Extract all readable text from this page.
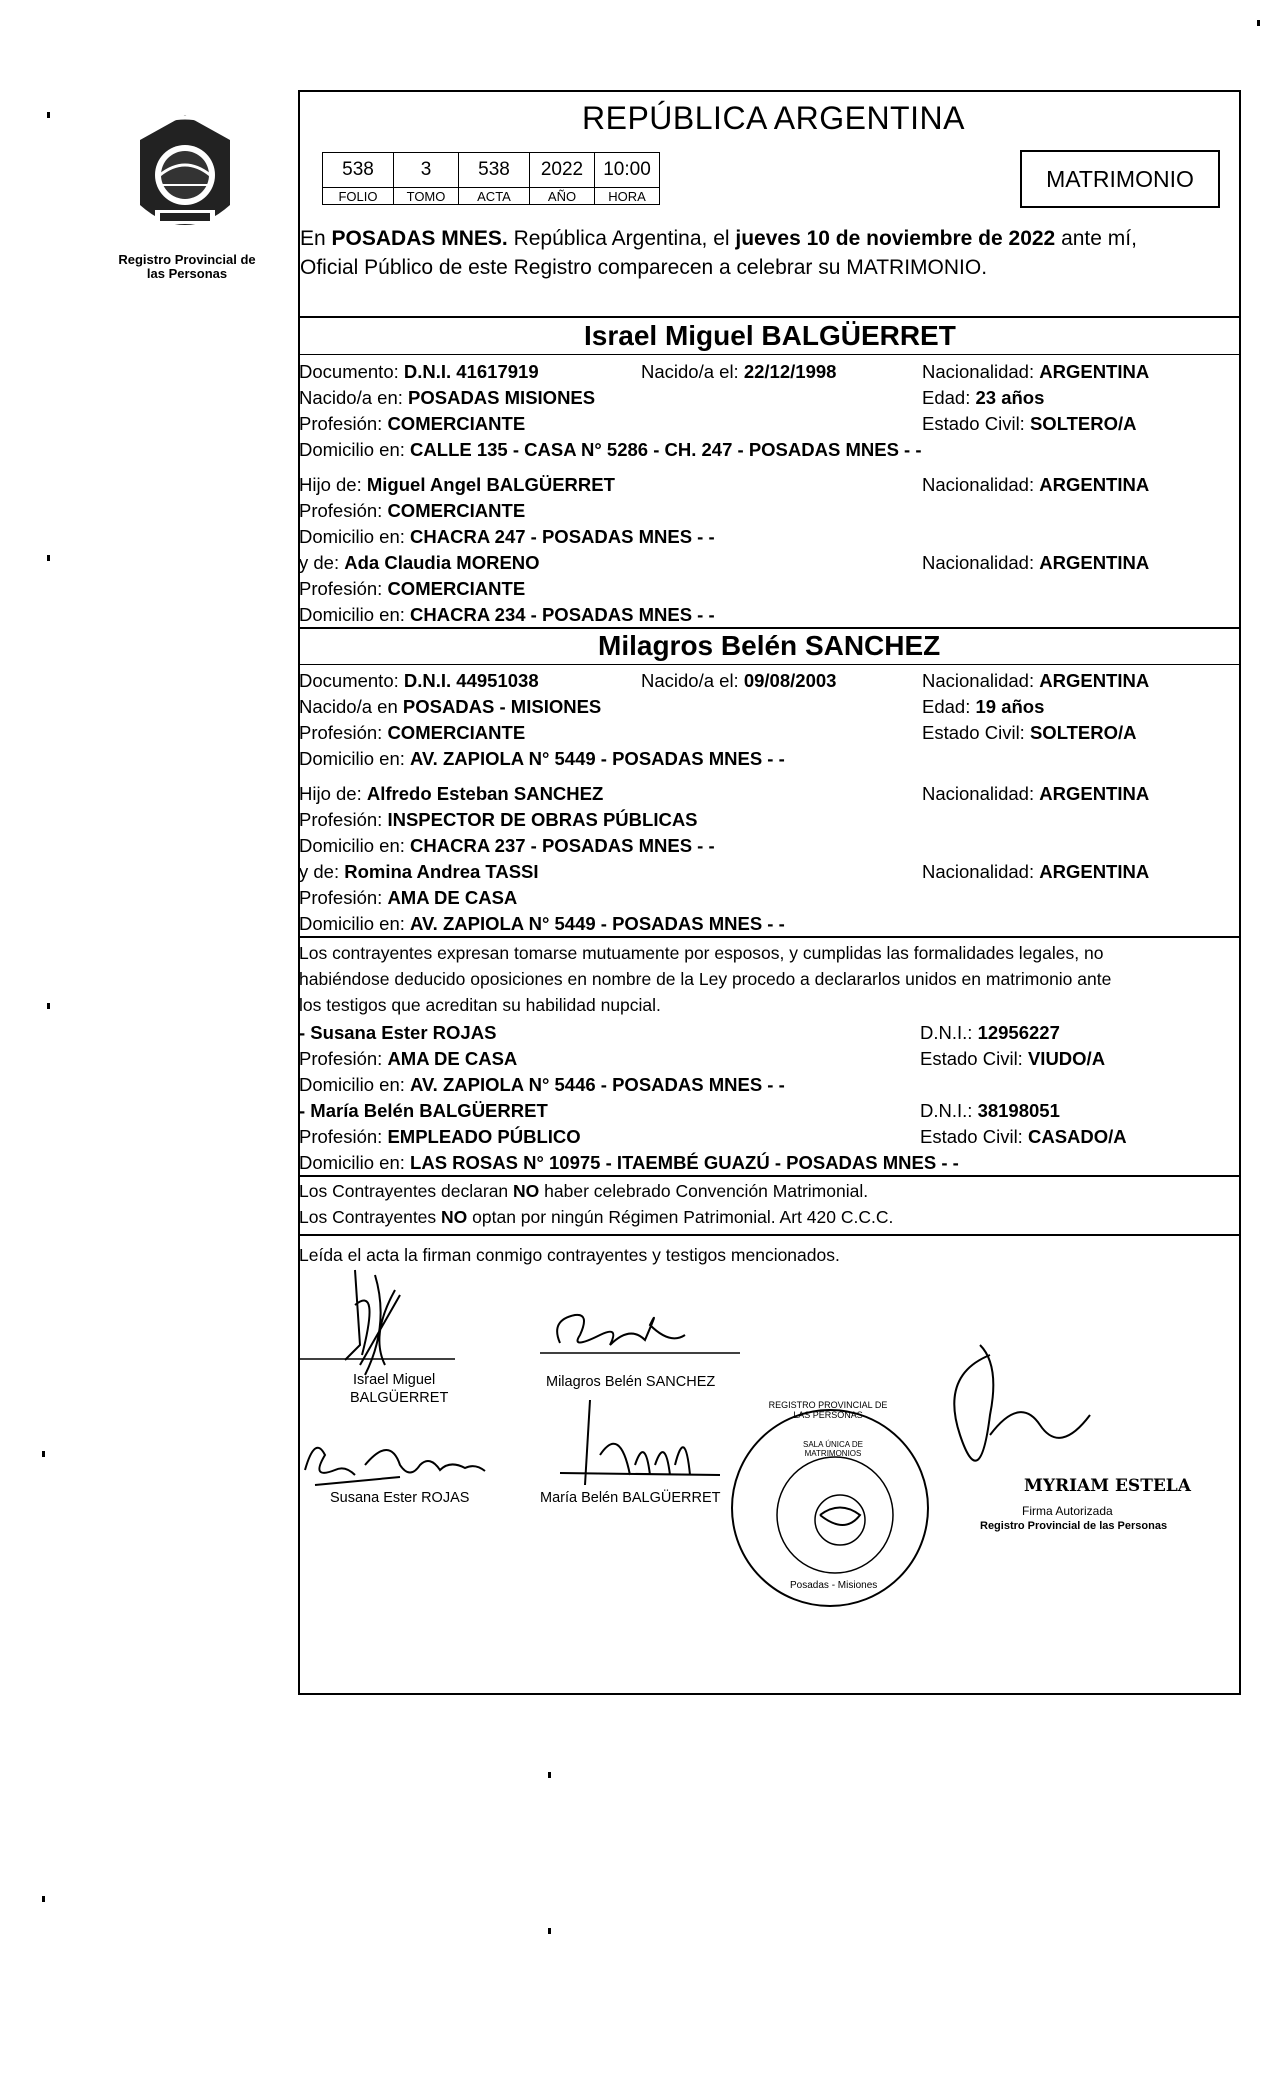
Registro Provincial de las Personas
REPÚBLICA ARGENTINA
538	3	538	2022	10:00
FOLIO	TOMO	ACTA	AÑO	HORA
MATRIMONIO
En POSADAS MNES. República Argentina, el jueves 10 de noviembre de 2022 ante mí,
Oficial Público de este Registro comparecen a celebrar su MATRIMONIO.
Israel Miguel BALGÜERRET
Documento: D.N.I. 41617919	Nacido/a el: 22/12/1998	Nacionalidad: ARGENTINA
Nacido/a en: POSADAS MISIONES	Edad: 23 años
Profesión: COMERCIANTE	Estado Civil: SOLTERO/A
Domicilio en: CALLE 135 - CASA N° 5286 - CH. 247 - POSADAS MNES - -
Hijo de: Miguel Angel BALGÜERRET	Nacionalidad: ARGENTINA
Profesión: COMERCIANTE
Domicilio en: CHACRA 247 - POSADAS MNES - -
y de: Ada Claudia MORENO	Nacionalidad: ARGENTINA
Profesión: COMERCIANTE
Domicilio en: CHACRA 234 - POSADAS MNES - -
Milagros Belén SANCHEZ
Documento: D.N.I. 44951038	Nacido/a el: 09/08/2003	Nacionalidad: ARGENTINA
Nacido/a en POSADAS - MISIONES	Edad: 19 años
Profesión: COMERCIANTE	Estado Civil: SOLTERO/A
Domicilio en: AV. ZAPIOLA N° 5449 - POSADAS MNES - -
Hijo de: Alfredo Esteban SANCHEZ	Nacionalidad: ARGENTINA
Profesión: INSPECTOR DE OBRAS PÚBLICAS
Domicilio en: CHACRA 237 - POSADAS MNES - -
y de: Romina Andrea TASSI	Nacionalidad: ARGENTINA
Profesión: AMA DE CASA
Domicilio en: AV. ZAPIOLA N° 5449 - POSADAS MNES - -
Los contrayentes expresan tomarse mutuamente por esposos, y cumplidas las formalidades legales, no
habiéndose deducido oposiciones en nombre de la Ley procedo a declararlos unidos en matrimonio ante
los testigos que acreditan su habilidad nupcial.
- Susana Ester ROJAS	D.N.I.: 12956227
Profesión: AMA DE CASA	Estado Civil: VIUDO/A
Domicilio en: AV. ZAPIOLA N° 5446 - POSADAS MNES - -
- María Belén BALGÜERRET	D.N.I.: 38198051
Profesión: EMPLEADO PÚBLICO	Estado Civil: CASADO/A
Domicilio en: LAS ROSAS N° 10975 - ITAEMBÉ GUAZÚ - POSADAS MNES - -
Los Contrayentes declaran NO haber celebrado Convención Matrimonial.
Los Contrayentes NO optan por ningún Régimen Patrimonial. Art 420 C.C.C.
Leída el acta la firman conmigo contrayentes y testigos mencionados.
Israel Miguel
BALGÜERRET
Milagros Belén SANCHEZ
Susana Ester ROJAS	María Belén BALGÜERRET
REGISTRO PROVINCIAL DE LAS PERSONAS
SALA ÚNICA DE MATRIMONIOS
Posadas - Misiones
MYRIAM ESTELA
Firma Autorizada
Registro Provincial de las Personas
